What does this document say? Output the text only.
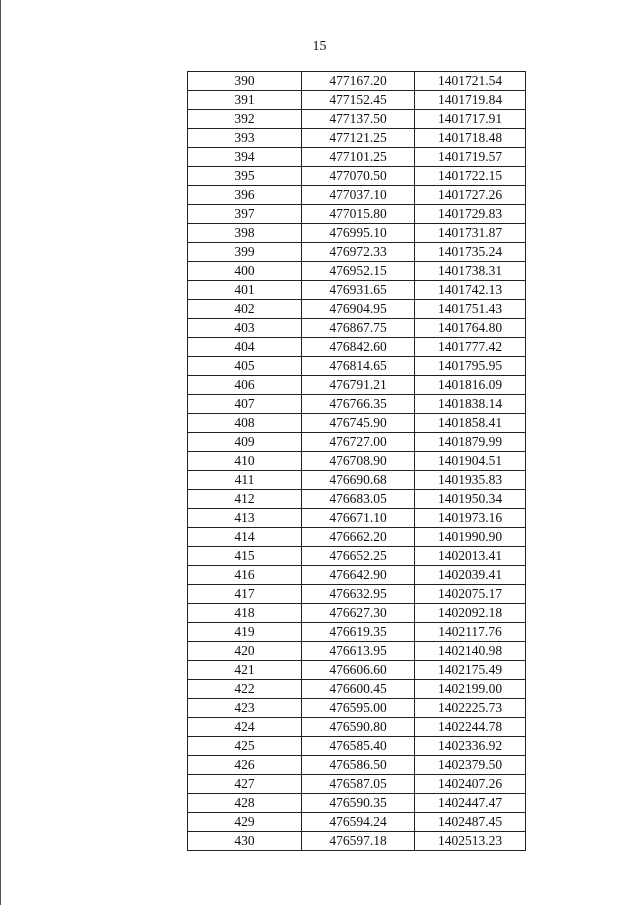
15
390	477167.20	1401721.54
391	477152.45	1401719.84
392	477137.50	1401717.91
393	477121.25	1401718.48
394	477101.25	1401719.57
395	477070.50	1401722.15
396	477037.10	1401727.26
397	477015.80	1401729.83
398	476995.10	1401731.87
399	476972.33	1401735.24
400	476952.15	1401738.31
401	476931.65	1401742.13
402	476904.95	1401751.43
403	476867.75	1401764.80
404	476842.60	1401777.42
405	476814.65	1401795.95
406	476791.21	1401816.09
407	476766.35	1401838.14
408	476745.90	1401858.41
409	476727.00	1401879.99
410	476708.90	1401904.51
411	476690.68	1401935.83
412	476683.05	1401950.34
413	476671.10	1401973.16
414	476662.20	1401990.90
415	476652.25	1402013.41
416	476642.90	1402039.41
417	476632.95	1402075.17
418	476627.30	1402092.18
419	476619.35	1402117.76
420	476613.95	1402140.98
421	476606.60	1402175.49
422	476600.45	1402199.00
423	476595.00	1402225.73
424	476590.80	1402244.78
425	476585.40	1402336.92
426	476586.50	1402379.50
427	476587.05	1402407.26
428	476590.35	1402447.47
429	476594.24	1402487.45
430	476597.18	1402513.23
